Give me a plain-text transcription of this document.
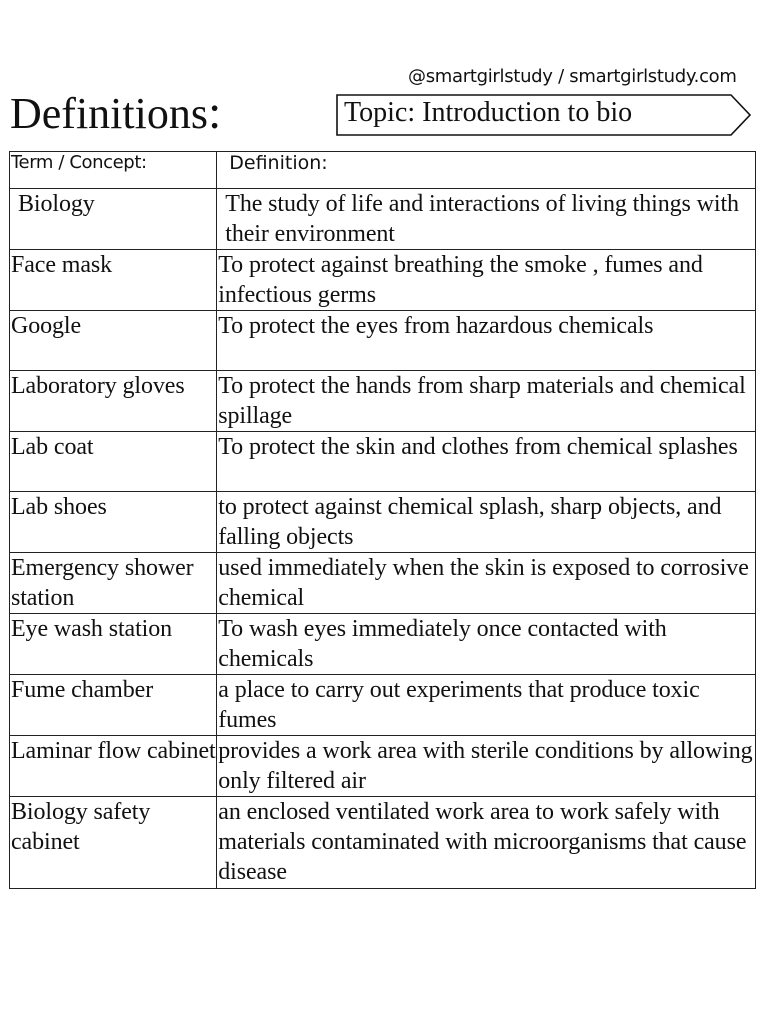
@smartgirlstudy / smartgirlstudy.com
Definitions:	Topic: Introduction to bio
Term / Concept:	Definition:
Biology	The study of life and interactions of living things with their environment
Face mask	To protect against breathing the smoke , fumes and infectious germs
Google	To protect the eyes from hazardous chemicals
Laboratory gloves	To protect the hands from sharp materials and chemical spillage
Lab coat	To protect the skin and clothes from chemical splashes
Lab shoes	to protect against chemical splash, sharp objects, and falling objects
Emergency shower station	used immediately when the skin is exposed to corrosive chemical
Eye wash station	To wash eyes immediately once contacted with chemicals
Fume chamber	a place to carry out experiments that produce toxic fumes
Laminar flow cabinet	provides a work area with sterile conditions by allowing only filtered air
Biology safety cabinet	an enclosed ventilated work area to work safely with materials contaminated with microorganisms that cause disease
